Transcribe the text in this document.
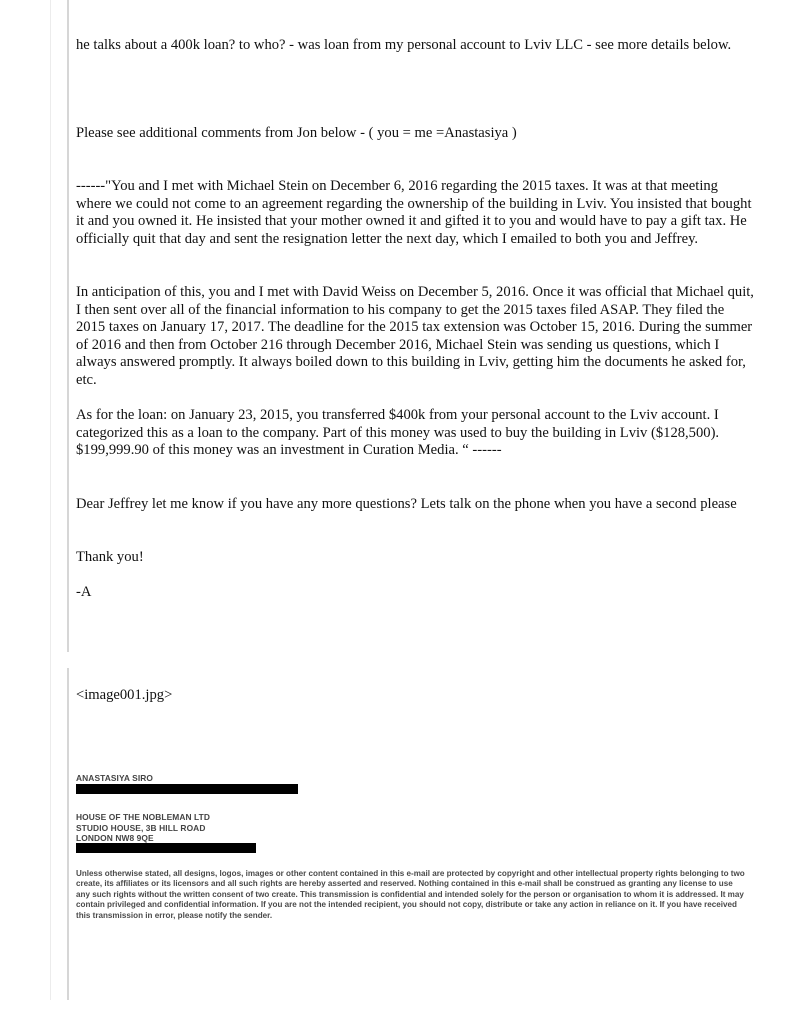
he talks about a 400k loan? to who? - was loan from my personal account to Lviv LLC - see more details below.

Please see additional comments from Jon below - ( you = me =Anastasiya )

------"You and I met with Michael Stein on December 6, 2016 regarding the 2015 taxes. It was at that meeting where we could not come to an agreement regarding the ownership of the building in Lviv. You insisted that bought it and you owned it. He insisted that your mother owned it and gifted it to you and would have to pay a gift tax. He officially quit that day and sent the resignation letter the next day, which I emailed to both you and Jeffrey.

In anticipation of this, you and I met with David Weiss on December 5, 2016. Once it was official that Michael quit, I then sent over all of the financial information to his company to get the 2015 taxes filed ASAP. They filed the 2015 taxes on January 17, 2017. The deadline for the 2015 tax extension was October 15, 2016. During the summer of 2016 and then from October 216 through December 2016, Michael Stein was sending us questions, which I always answered promptly. It always boiled down to this building in Lviv, getting him the documents he asked for, etc.

As for the loan: on January 23, 2015, you transferred $400k from your personal account to the Lviv account. I categorized this as a loan to the company. Part of this money was used to buy the building in Lviv ($128,500). $199,999.90 of this money was an investment in Curation Media. “ ------

Dear Jeffrey let me know if you have any more questions? Lets talk on the phone when you have a second please

Thank you!

-A

<image001.jpg>

ANASTASIYA SIRO
HOUSE OF THE NOBLEMAN LTD
STUDIO HOUSE, 3B HILL ROAD
LONDON NW8 9QE
Unless otherwise stated, all designs, logos, images or other content contained in this e-mail are protected by copyright and other intellectual property rights belonging to two create, its affiliates or its licensors and all such rights are hereby asserted and reserved. Nothing contained in this e-mail shall be construed as granting any license to use any such rights without the written consent of two create. This transmission is confidential and intended solely for the person or organisation to whom it is addressed. It may contain privileged and confidential information. If you are not the intended recipient, you should not copy, distribute or take any action in reliance on it. If you have received this transmission in error, please notify the sender.
